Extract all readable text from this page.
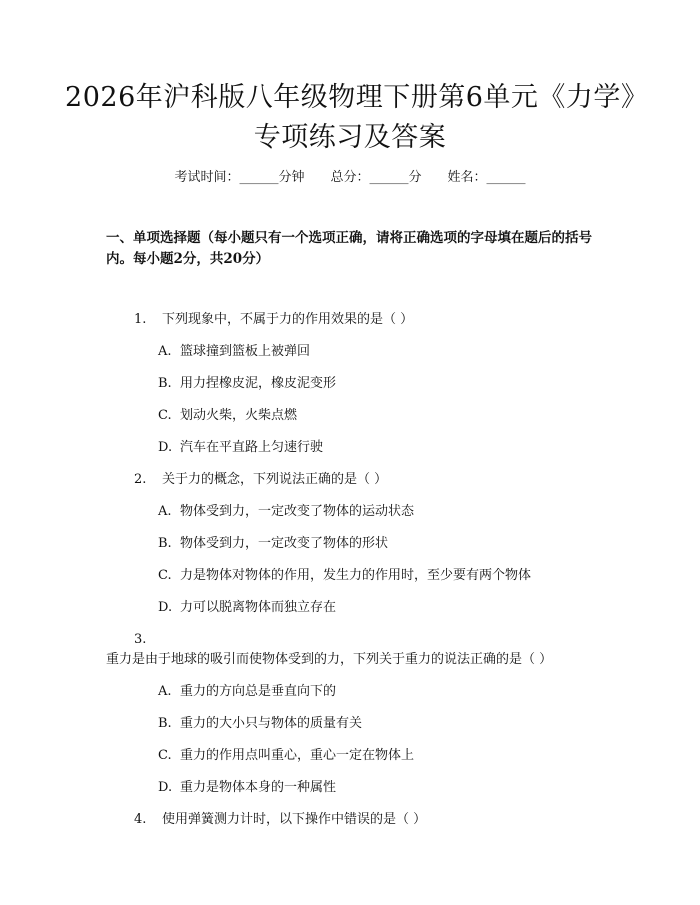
2026年沪科版八年级物理下册第6单元《力学》专项练习及答案
考试时间：______分钟 总分：______分 姓名：______
一、单项选择题（每小题只有一个选项正确，请将正确选项的字母填在题后的括号内。每小题2分，共20分）
1. 下列现象中，不属于力的作用效果的是（ ）
A. 篮球撞到篮板上被弹回
B. 用力捏橡皮泥，橡皮泥变形
C. 划动火柴，火柴点燃
D. 汽车在平直路上匀速行驶
2. 关于力的概念，下列说法正确的是（ ）
A. 物体受到力，一定改变了物体的运动状态
B. 物体受到力，一定改变了物体的形状
C. 力是物体对物体的作用，发生力的作用时，至少要有两个物体
D. 力可以脱离物体而独立存在
3.重力是由于地球的吸引而使物体受到的力，下列关于重力的说法正确的是（ ）
A. 重力的方向总是垂直向下的
B. 重力的大小只与物体的质量有关
C. 重力的作用点叫重心，重心一定在物体上
D. 重力是物体本身的一种属性
4. 使用弹簧测力计时，以下操作中错误的是（ ）
